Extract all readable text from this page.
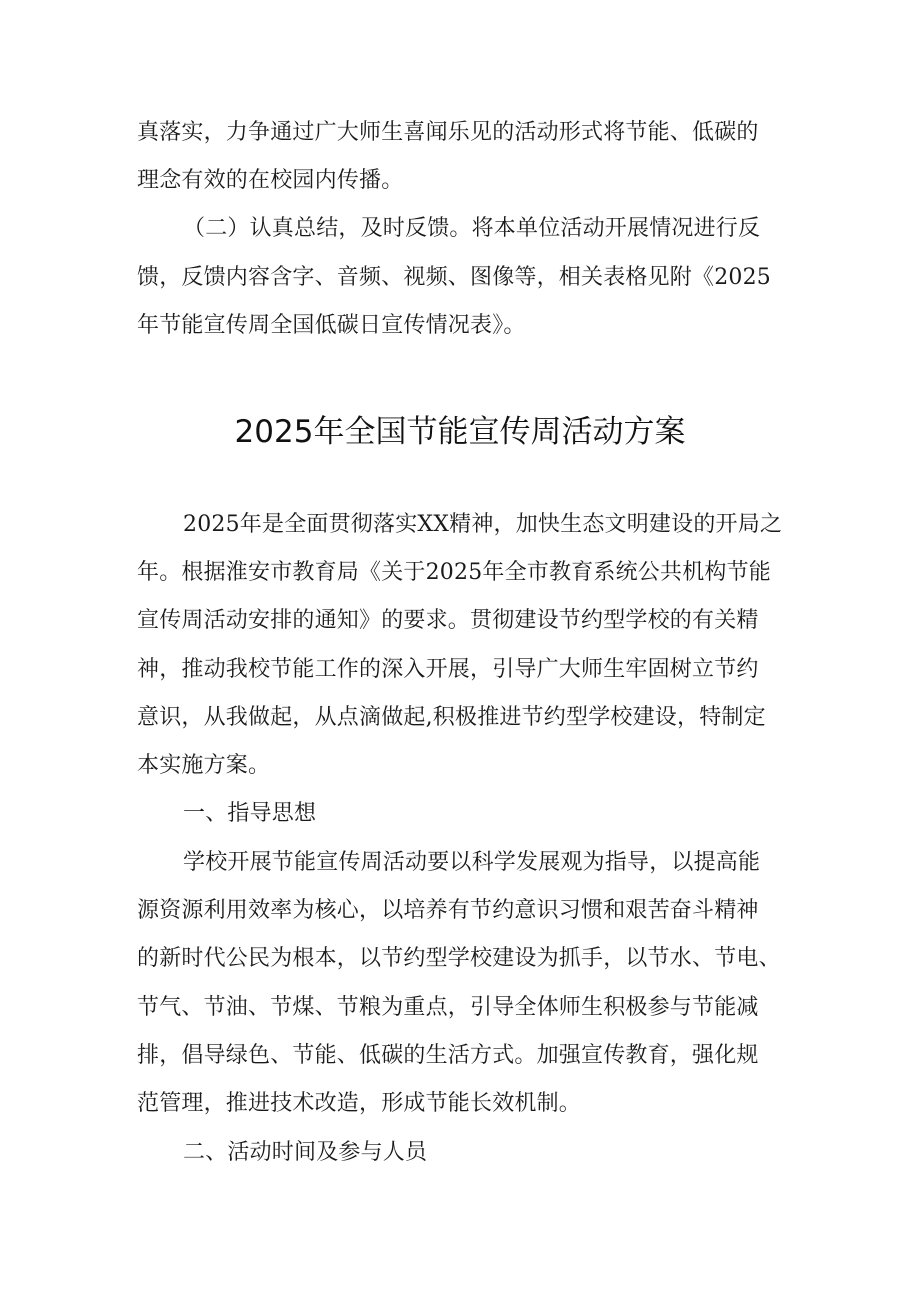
真落实，力争通过广大师生喜闻乐见的活动形式将节能、低碳的
理念有效的在校园内传播。
（二）认真总结，及时反馈。将本单位活动开展情况进行反
馈，反馈内容含字、音频、视频、图像等，相关表格见附《2025
年节能宣传周全国低碳日宣传情况表》。
2025年全国节能宣传周活动方案
2025年是全面贯彻落实XX精神，加快生态文明建设的开局之
年。根据淮安市教育局《关于2025年全市教育系统公共机构节能
宣传周活动安排的通知》的要求。贯彻建设节约型学校的有关精
神，推动我校节能工作的深入开展，引导广大师生牢固树立节约
意识，从我做起，从点滴做起,积极推进节约型学校建设，特制定
本实施方案。
一、指导思想
学校开展节能宣传周活动要以科学发展观为指导，以提高能
源资源利用效率为核心，以培养有节约意识习惯和艰苦奋斗精神
的新时代公民为根本，以节约型学校建设为抓手，以节水、节电、
节气、节油、节煤、节粮为重点，引导全体师生积极参与节能减
排，倡导绿色、节能、低碳的生活方式。加强宣传教育，强化规
范管理，推进技术改造，形成节能长效机制。
二、活动时间及参与人员
